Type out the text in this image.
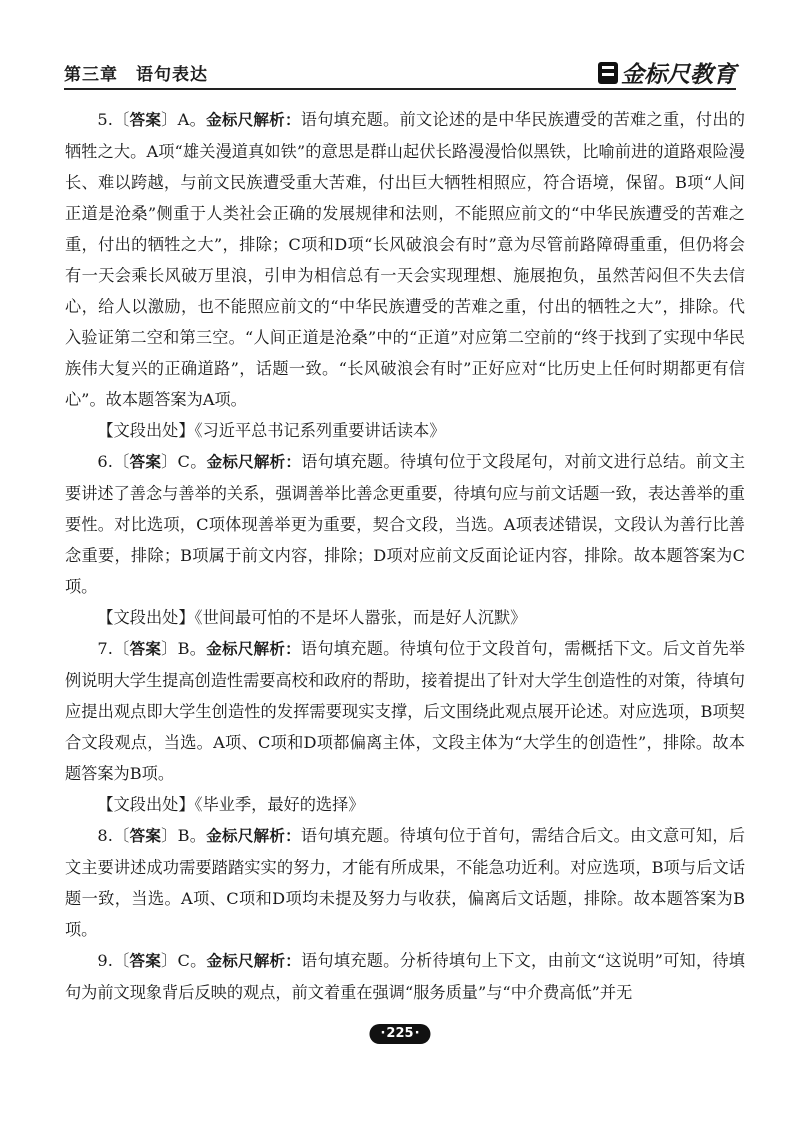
第三章　语句表达	金标尺教育

5.〔答案〕A。金标尺解析：语句填充题。前文论述的是中华民族遭受的苦难之重，付出的牺牲之大。A项“雄关漫道真如铁”的意思是群山起伏长路漫漫恰似黑铁，比喻前进的道路艰险漫长、难以跨越，与前文民族遭受重大苦难，付出巨大牺牲相照应，符合语境，保留。B项“人间正道是沧桑”侧重于人类社会正确的发展规律和法则，不能照应前文的“中华民族遭受的苦难之重，付出的牺牲之大”，排除；C项和D项“长风破浪会有时”意为尽管前路障碍重重，但仍将会有一天会乘长风破万里浪，引申为相信总有一天会实现理想、施展抱负，虽然苦闷但不失去信心，给人以激励，也不能照应前文的“中华民族遭受的苦难之重，付出的牺牲之大”，排除。代入验证第二空和第三空。“人间正道是沧桑”中的“正道”对应第二空前的“终于找到了实现中华民族伟大复兴的正确道路”，话题一致。“长风破浪会有时”正好应对“比历史上任何时期都更有信心”。故本题答案为A项。

【文段出处】《习近平总书记系列重要讲话读本》

6.〔答案〕C。金标尺解析：语句填充题。待填句位于文段尾句，对前文进行总结。前文主要讲述了善念与善举的关系，强调善举比善念更重要，待填句应与前文话题一致，表达善举的重要性。对比选项，C项体现善举更为重要，契合文段，当选。A项表述错误，文段认为善行比善念重要，排除；B项属于前文内容，排除；D项对应前文反面论证内容，排除。故本题答案为C项。

【文段出处】《世间最可怕的不是坏人嚣张，而是好人沉默》

7.〔答案〕B。金标尺解析：语句填充题。待填句位于文段首句，需概括下文。后文首先举例说明大学生提高创造性需要高校和政府的帮助，接着提出了针对大学生创造性的对策，待填句应提出观点即大学生创造性的发挥需要现实支撑，后文围绕此观点展开论述。对应选项，B项契合文段观点，当选。A项、C项和D项都偏离主体，文段主体为“大学生的创造性”，排除。故本题答案为B项。

【文段出处】《毕业季，最好的选择》

8.〔答案〕B。金标尺解析：语句填充题。待填句位于首句，需结合后文。由文意可知，后文主要讲述成功需要踏踏实实的努力，才能有所成果，不能急功近利。对应选项，B项与后文话题一致，当选。A项、C项和D项均未提及努力与收获，偏离后文话题，排除。故本题答案为B项。

9.〔答案〕C。金标尺解析：语句填充题。分析待填句上下文，由前文“这说明”可知，待填句为前文现象背后反映的观点，前文着重在强调“服务质量”与“中介费高低”并无

· 225 ·
